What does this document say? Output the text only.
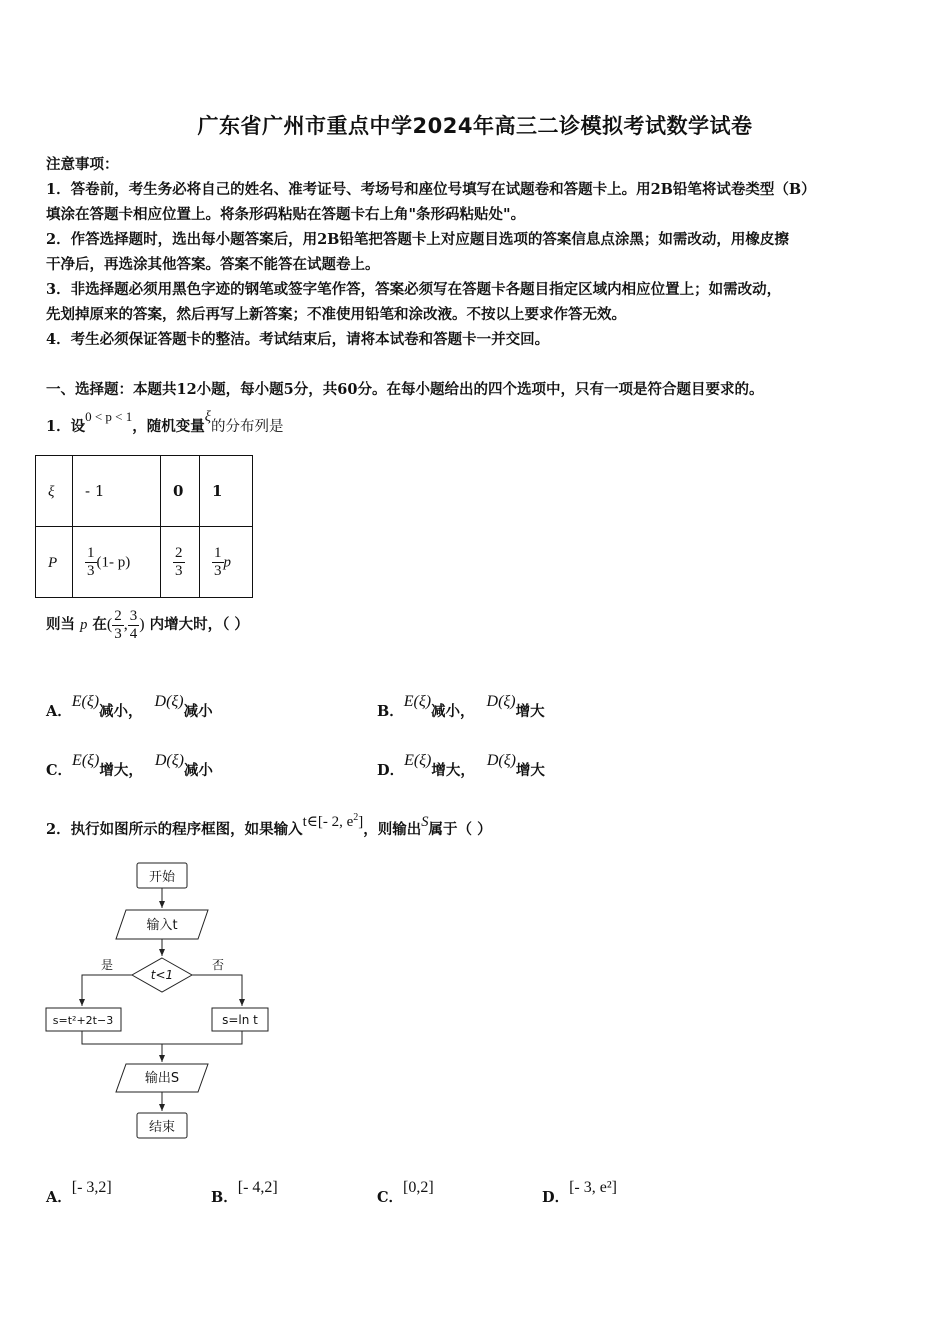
广东省广州市重点中学2024年高三二诊模拟考试数学试卷
注意事项：
1．答卷前，考生务必将自己的姓名、准考证号、考场号和座位号填写在试题卷和答题卡上。用2B铅笔将试卷类型（B）
填涂在答题卡相应位置上。将条形码粘贴在答题卡右上角"条形码粘贴处"。
2．作答选择题时，选出每小题答案后，用2B铅笔把答题卡上对应题目选项的答案信息点涂黑；如需改动，用橡皮擦
干净后，再选涂其他答案。答案不能答在试题卷上。
3．非选择题必须用黑色字迹的钢笔或签字笔作答，答案必须写在答题卡各题目指定区域内相应位置上；如需改动，
先划掉原来的答案，然后再写上新答案；不准使用铅笔和涂改液。不按以上要求作答无效。
4．考生必须保证答题卡的整洁。考试结束后，请将本试卷和答题卡一并交回。
一、选择题：本题共12小题，每小题5分，共60分。在每小题给出的四个选项中，只有一项是符合题目要求的。
1．设0 < p < 1，随机变量ξ的分布列是
ξ	- 1	0	1
P	$\frac{1}{3} (1-$ p)	$\frac{2}{3}$	$\frac{1}{3}$ p
则当 p 在( $\frac{2}{3}$ , $\frac{3}{4}$ ) 内增大时，（ ）
A．E(ξ)减小，D(ξ)减小	B．E(ξ)减小，D(ξ)增大
C．E(ξ)增大，D(ξ)减小	D．E(ξ)增大，D(ξ)增大
2．执行如图所示的程序框图，如果输入t∈[- 2, $e^2$]，则输出S属于（ ）
开始
输入t
是	否
t<1
s=t²+2t−3	s=ln t
输出S
结束
A．[- 3,2]
B．[- 4,2]
C．[0,2]
D．[- 3, e²]
